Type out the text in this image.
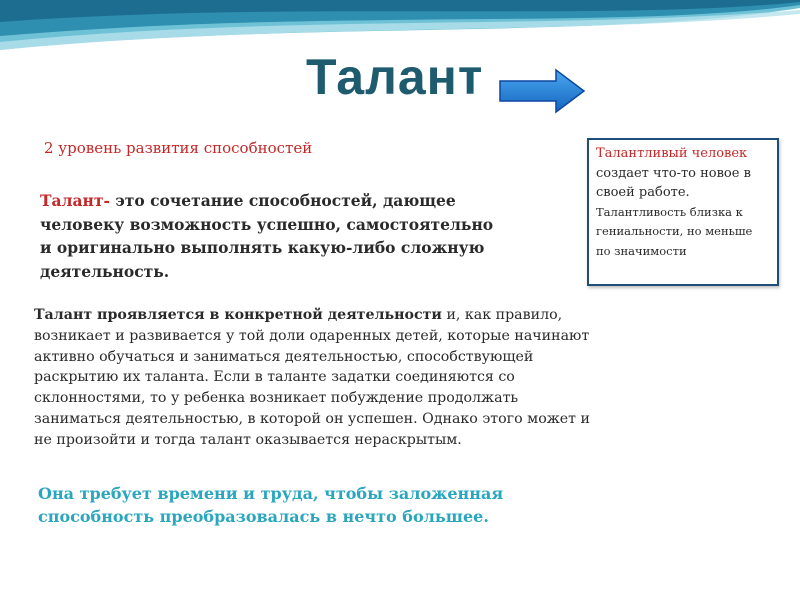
Талант
2 уровень развития способностей
Талант- это сочетание способностей, дающее человеку возможность успешно, самостоятельно и оригинально выполнять какую-либо сложную деятельность.
Талант проявляется в конкретной деятельности и, как правило, возникает и развивается у той доли одаренных детей, которые начинают активно обучаться и заниматься деятельностью, способствующей раскрытию их таланта. Если в таланте задатки соединяются со склонностями, то у ребенка возникает побуждение продолжать заниматься деятельностью, в которой он успешен. Однако этого может и не произойти и тогда талант оказывается нераскрытым.
Она требует времени и труда, чтобы заложенная способность преобразовалась в нечто большее.
Талантливый человек создает что-то новое в своей работе. Талантливость близка к гениальности, но меньше по значимости
